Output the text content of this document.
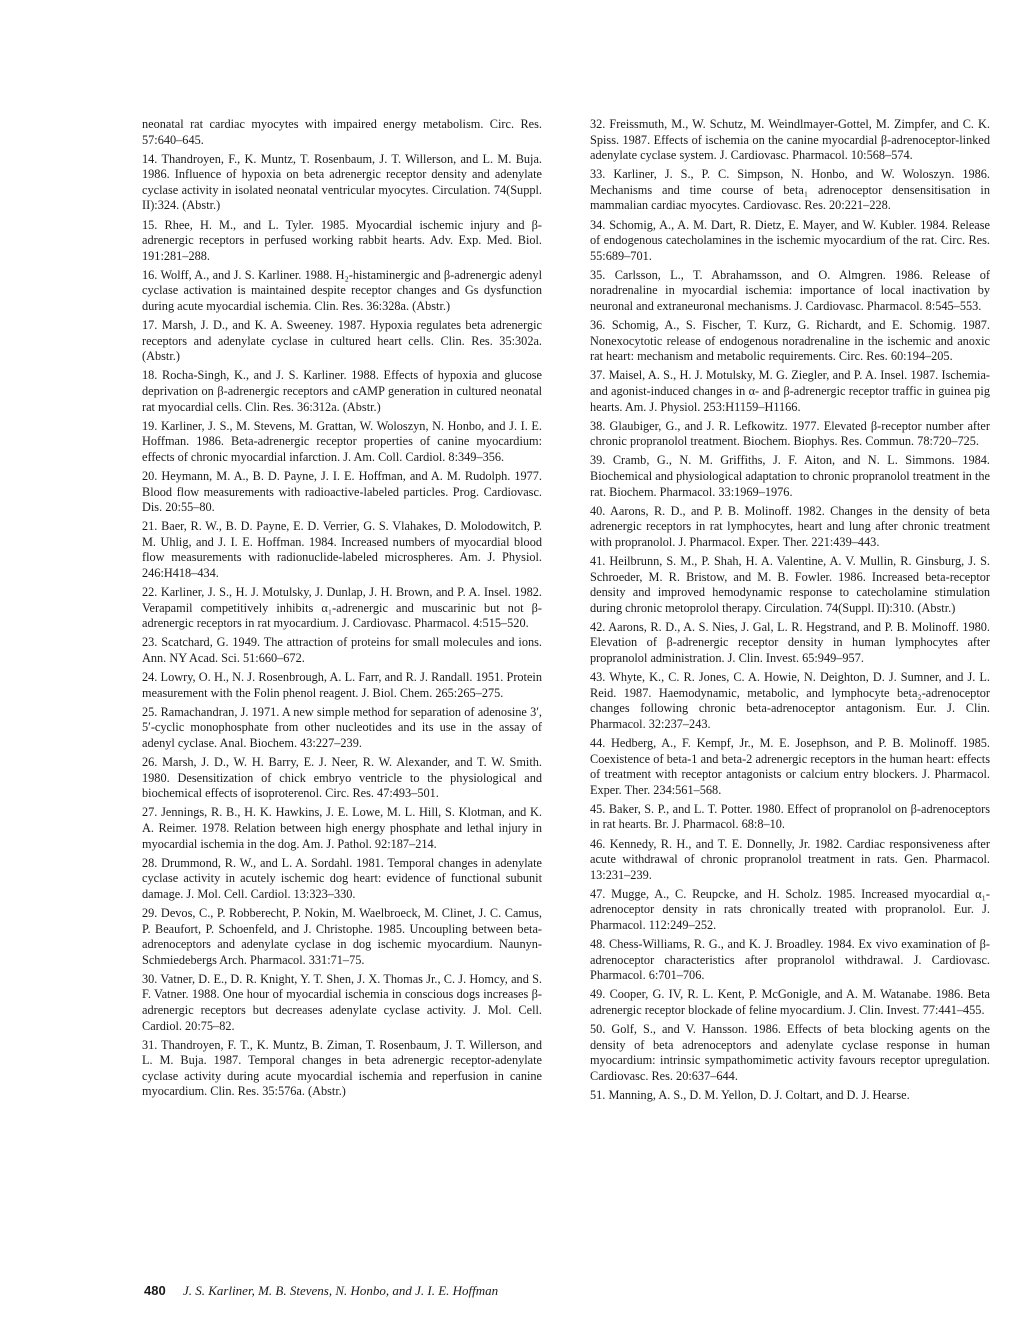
neonatal rat cardiac myocytes with impaired energy metabolism. Circ. Res. 57:640–645.

14. Thandroyen, F., K. Muntz, T. Rosenbaum, J. T. Willerson, and L. M. Buja. 1986. Influence of hypoxia on beta adrenergic receptor density and adenylate cyclase activity in isolated neonatal ventricular myocytes. Circulation. 74(Suppl. II):324. (Abstr.)

15. Rhee, H. M., and L. Tyler. 1985. Myocardial ischemic injury and β-adrenergic receptors in perfused working rabbit hearts. Adv. Exp. Med. Biol. 191:281–288.

16. Wolff, A., and J. S. Karliner. 1988. H₂-histaminergic and β-adrenergic adenyl cyclase activation is maintained despite receptor changes and Gs dysfunction during acute myocardial ischemia. Clin. Res. 36:328a. (Abstr.)

17. Marsh, J. D., and K. A. Sweeney. 1987. Hypoxia regulates beta adrenergic receptors and adenylate cyclase in cultured heart cells. Clin. Res. 35:302a. (Abstr.)

18. Rocha-Singh, K., and J. S. Karliner. 1988. Effects of hypoxia and glucose deprivation on β-adrenergic receptors and cAMP generation in cultured neonatal rat myocardial cells. Clin. Res. 36:312a. (Abstr.)

19. Karliner, J. S., M. Stevens, M. Grattan, W. Woloszyn, N. Honbo, and J. I. E. Hoffman. 1986. Beta-adrenergic receptor properties of canine myocardium: effects of chronic myocardial infarction. J. Am. Coll. Cardiol. 8:349–356.

20. Heymann, M. A., B. D. Payne, J. I. E. Hoffman, and A. M. Rudolph. 1977. Blood flow measurements with radioactive-labeled particles. Prog. Cardiovasc. Dis. 20:55–80.

21. Baer, R. W., B. D. Payne, E. D. Verrier, G. S. Vlahakes, D. Molodowitch, P. M. Uhlig, and J. I. E. Hoffman. 1984. Increased numbers of myocardial blood flow measurements with radionuclide-labeled microspheres. Am. J. Physiol. 246:H418–434.

22. Karliner, J. S., H. J. Motulsky, J. Dunlap, J. H. Brown, and P. A. Insel. 1982. Verapamil competitively inhibits α₁-adrenergic and muscarinic but not β-adrenergic receptors in rat myocardium. J. Cardiovasc. Pharmacol. 4:515–520.

23. Scatchard, G. 1949. The attraction of proteins for small molecules and ions. Ann. NY Acad. Sci. 51:660–672.

24. Lowry, O. H., N. J. Rosenbrough, A. L. Farr, and R. J. Randall. 1951. Protein measurement with the Folin phenol reagent. J. Biol. Chem. 265:265–275.

25. Ramachandran, J. 1971. A new simple method for separation of adenosine 3′, 5′-cyclic monophosphate from other nucleotides and its use in the assay of adenyl cyclase. Anal. Biochem. 43:227–239.

26. Marsh, J. D., W. H. Barry, E. J. Neer, R. W. Alexander, and T. W. Smith. 1980. Desensitization of chick embryo ventricle to the physiological and biochemical effects of isoproterenol. Circ. Res. 47:493–501.

27. Jennings, R. B., H. K. Hawkins, J. E. Lowe, M. L. Hill, S. Klotman, and K. A. Reimer. 1978. Relation between high energy phosphate and lethal injury in myocardial ischemia in the dog. Am. J. Pathol. 92:187–214.

28. Drummond, R. W., and L. A. Sordahl. 1981. Temporal changes in adenylate cyclase activity in acutely ischemic dog heart: evidence of functional subunit damage. J. Mol. Cell. Cardiol. 13:323–330.

29. Devos, C., P. Robberecht, P. Nokin, M. Waelbroeck, M. Clinet, J. C. Camus, P. Beaufort, P. Schoenfeld, and J. Christophe. 1985. Uncoupling between beta-adrenoceptors and adenylate cyclase in dog ischemic myocardium. Naunyn-Schmiedebergs Arch. Pharmacol. 331:71–75.

30. Vatner, D. E., D. R. Knight, Y. T. Shen, J. X. Thomas Jr., C. J. Homcy, and S. F. Vatner. 1988. One hour of myocardial ischemia in conscious dogs increases β-adrenergic receptors but decreases adenylate cyclase activity. J. Mol. Cell. Cardiol. 20:75–82.

31. Thandroyen, F. T., K. Muntz, B. Ziman, T. Rosenbaum, J. T. Willerson, and L. M. Buja. 1987. Temporal changes in beta adrenergic receptor-adenylate cyclase activity during acute myocardial ischemia and reperfusion in canine myocardium. Clin. Res. 35:576a. (Abstr.)

32. Freissmuth, M., W. Schutz, M. Weindlmayer-Gottel, M. Zimpfer, and C. K. Spiss. 1987. Effects of ischemia on the canine myocardial β-adrenoceptor-linked adenylate cyclase system. J. Cardiovasc. Pharmacol. 10:568–574.

33. Karliner, J. S., P. C. Simpson, N. Honbo, and W. Woloszyn. 1986. Mechanisms and time course of beta₁ adrenoceptor densensitisation in mammalian cardiac myocytes. Cardiovasc. Res. 20:221–228.

34. Schomig, A., A. M. Dart, R. Dietz, E. Mayer, and W. Kubler. 1984. Release of endogenous catecholamines in the ischemic myocardium of the rat. Circ. Res. 55:689–701.

35. Carlsson, L., T. Abrahamsson, and O. Almgren. 1986. Release of noradrenaline in myocardial ischemia: importance of local inactivation by neuronal and extraneuronal mechanisms. J. Cardiovasc. Pharmacol. 8:545–553.

36. Schomig, A., S. Fischer, T. Kurz, G. Richardt, and E. Schomig. 1987. Nonexocytotic release of endogenous noradrenaline in the ischemic and anoxic rat heart: mechanism and metabolic requirements. Circ. Res. 60:194–205.

37. Maisel, A. S., H. J. Motulsky, M. G. Ziegler, and P. A. Insel. 1987. Ischemia- and agonist-induced changes in α- and β-adrenergic receptor traffic in guinea pig hearts. Am. J. Physiol. 253:H1159–H1166.

38. Glaubiger, G., and J. R. Lefkowitz. 1977. Elevated β-receptor number after chronic propranolol treatment. Biochem. Biophys. Res. Commun. 78:720–725.

39. Cramb, G., N. M. Griffiths, J. F. Aiton, and N. L. Simmons. 1984. Biochemical and physiological adaptation to chronic propranolol treatment in the rat. Biochem. Pharmacol. 33:1969–1976.

40. Aarons, R. D., and P. B. Molinoff. 1982. Changes in the density of beta adrenergic receptors in rat lymphocytes, heart and lung after chronic treatment with propranolol. J. Pharmacol. Exper. Ther. 221:439–443.

41. Heilbrunn, S. M., P. Shah, H. A. Valentine, A. V. Mullin, R. Ginsburg, J. S. Schroeder, M. R. Bristow, and M. B. Fowler. 1986. Increased beta-receptor density and improved hemodynamic response to catecholamine stimulation during chronic metoprolol therapy. Circulation. 74(Suppl. II):310. (Abstr.)

42. Aarons, R. D., A. S. Nies, J. Gal, L. R. Hegstrand, and P. B. Molinoff. 1980. Elevation of β-adrenergic receptor density in human lymphocytes after propranolol administration. J. Clin. Invest. 65:949–957.

43. Whyte, K., C. R. Jones, C. A. Howie, N. Deighton, D. J. Sumner, and J. L. Reid. 1987. Haemodynamic, metabolic, and lymphocyte beta₂-adrenoceptor changes following chronic beta-adrenoceptor antagonism. Eur. J. Clin. Pharmacol. 32:237–243.

44. Hedberg, A., F. Kempf, Jr., M. E. Josephson, and P. B. Molinoff. 1985. Coexistence of beta-1 and beta-2 adrenergic receptors in the human heart: effects of treatment with receptor antagonists or calcium entry blockers. J. Pharmacol. Exper. Ther. 234:561–568.

45. Baker, S. P., and L. T. Potter. 1980. Effect of propranolol on β-adrenoceptors in rat hearts. Br. J. Pharmacol. 68:8–10.

46. Kennedy, R. H., and T. E. Donnelly, Jr. 1982. Cardiac responsiveness after acute withdrawal of chronic propranolol treatment in rats. Gen. Pharmacol. 13:231–239.

47. Mugge, A., C. Reupcke, and H. Scholz. 1985. Increased myocardial α₁-adrenoceptor density in rats chronically treated with propranolol. Eur. J. Pharmacol. 112:249–252.

48. Chess-Williams, R. G., and K. J. Broadley. 1984. Ex vivo examination of β-adrenoceptor characteristics after propranolol withdrawal. J. Cardiovasc. Pharmacol. 6:701–706.

49. Cooper, G. IV, R. L. Kent, P. McGonigle, and A. M. Watanabe. 1986. Beta adrenergic receptor blockade of feline myocardium. J. Clin. Invest. 77:441–455.

50. Golf, S., and V. Hansson. 1986. Effects of beta blocking agents on the density of beta adrenoceptors and adenylate cyclase response in human myocardium: intrinsic sympathomimetic activity favours receptor upregulation. Cardiovasc. Res. 20:637–644.

51. Manning, A. S., D. M. Yellon, D. J. Coltart, and D. J. Hearse.

480 J. S. Karliner, M. B. Stevens, N. Honbo, and J. I. E. Hoffman
